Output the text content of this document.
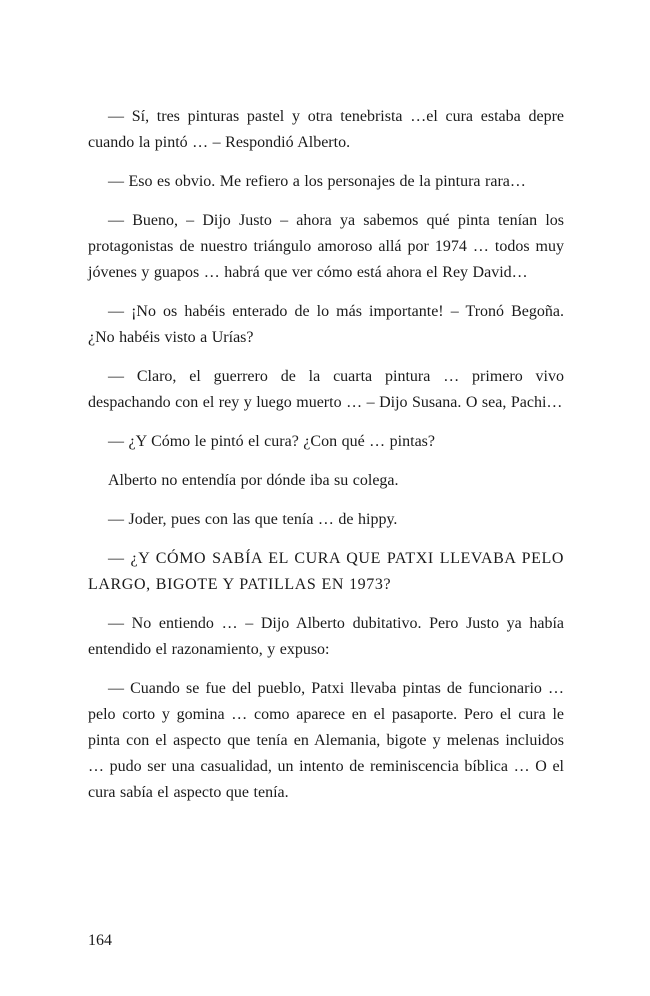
— Sí, tres pinturas pastel y otra tenebrista …el cura estaba depre cuando la pintó … – Respondió Alberto.

— Eso es obvio. Me refiero a los personajes de la pintura rara…

— Bueno, – Dijo Justo – ahora ya sabemos qué pinta tenían los protagonistas de nuestro triángulo amoroso allá por 1974 … todos muy jóvenes y guapos … habrá que ver cómo está ahora el Rey David…

— ¡No os habéis enterado de lo más importante! – Tronó Begoña. ¿No habéis visto a Urías?

— Claro, el guerrero de la cuarta pintura … primero vivo despachando con el rey y luego muerto … – Dijo Susana. O sea, Pachi…

— ¿Y Cómo le pintó el cura? ¿Con qué … pintas?

Alberto no entendía por dónde iba su colega.

— Joder, pues con las que tenía … de hippy.

— ¿Y CÓMO SABÍA EL CURA QUE PATXI LLEVABA PELO LARGO, BIGOTE Y PATILLAS EN 1973?

— No entiendo … – Dijo Alberto dubitativo. Pero Justo ya había entendido el razonamiento, y expuso:

— Cuando se fue del pueblo, Patxi llevaba pintas de funcionario … pelo corto y gomina … como aparece en el pasaporte. Pero el cura le pinta con el aspecto que tenía en Alemania, bigote y melenas incluidos … pudo ser una casualidad, un intento de reminiscencia bíblica … O el cura sabía el aspecto que tenía.

164
